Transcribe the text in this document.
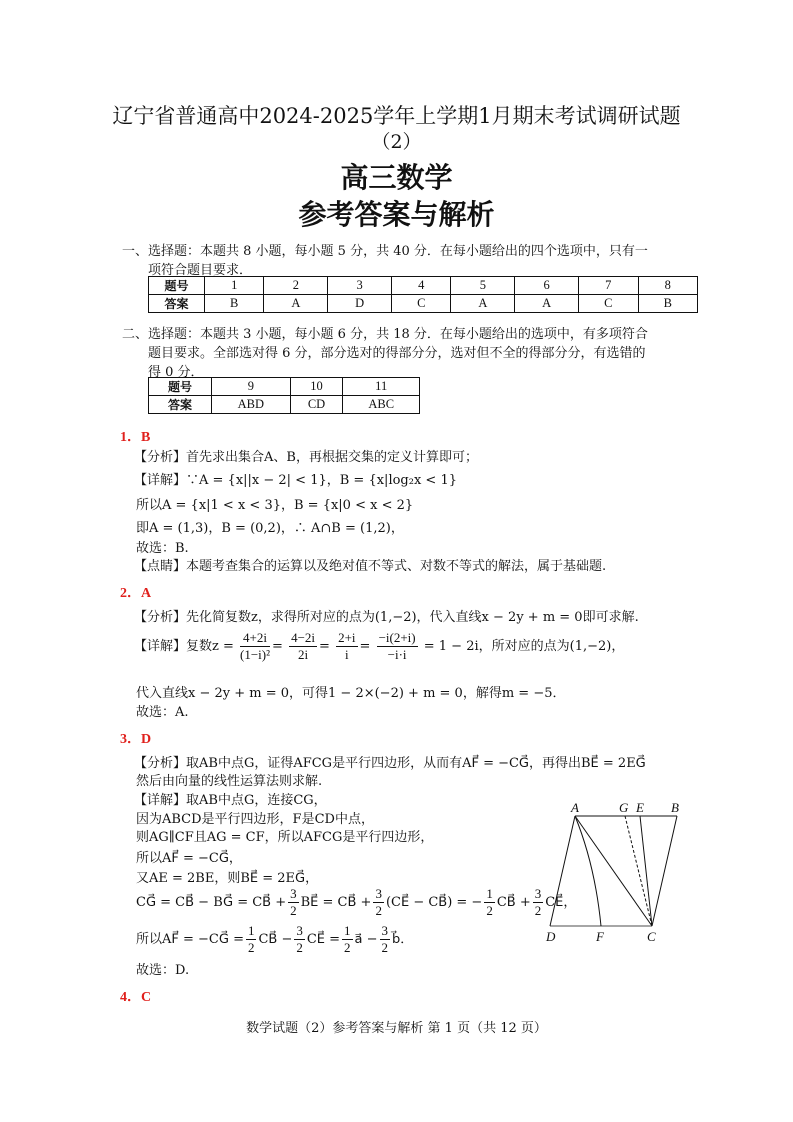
辽宁省普通高中2024-2025学年上学期1月期末考试调研试题
（2）
高三数学
参考答案与解析
一、选择题：本题共 8 小题，每小题 5 分，共 40 分．在每小题给出的四个选项中，只有一
项符合题目要求．
题号	1	2	3	4	5	6	7	8
答案	B	A	D	C	A	A	C	B
二、选择题：本题共 3 小题，每小题 6 分，共 18 分．在每小题给出的选项中，有多项符合
题目要求。全部选对得 6 分，部分选对的得部分分，选对但不全的得部分分，有选错的
得 0 分．
题号	9	10	11
答案	ABD	CD	ABC
1．B
【分析】首先求出集合A、B，再根据交集的定义计算即可；
【详解】∵A = {x||x − 2| < 1}，B = {x|log₂x < 1}
所以A = {x|1 < x < 3}，B = {x|0 < x < 2}
即A = (1,3)，B = (0,2)，∴ A∩B = (1,2)，
故选：B.
【点睛】本题考查集合的运算以及绝对值不等式、对数不等式的解法，属于基础题.
2．A
【分析】先化简复数z，求得所对应的点为(1,−2)，代入直线x − 2y + m = 0即可求解.
【详解】复数$z = \frac{4+2i}{\text{(1−i)²}} = \frac{4-2i}{2i} = \frac{2+i}{i} = \frac{-i(2+i)}{-i\cdot i} = 1 - 2i$，所对应的点为(1,−2)，
代入直线x − 2y + m = 0，可得1 − 2×(−2) + m = 0，解得m = −5．
故选：A.
3．D
【分析】取AB中点G，证得AFCG是平行四边形，从而有AF⃗ = −CG⃗，再得出BE⃗ = 2EG⃗
然后由向量的线性运算法则求解.
【详解】取AB中点G，连接CG，
因为ABCD是平行四边形，F是CD中点，
则AG∥CF且AG = CF，所以AFCG是平行四边形，
所以AF⃗ = −CG⃗，
又AE = 2BE，则BE⃗ = 2EG⃗，
CG⃗ = CB⃗ − BG⃗ = CB⃗ + $\frac{3}{2}$ BE⃗ = CB⃗ + $\frac{3}{2}$ (CE⃗ − CB⃗) = − $\frac{1}{2}$ CB⃗ + $\frac{3}{2}$ CE⃗，
所以AF⃗ = −CG⃗ = $\frac{1}{2}$ CB⃗ − $\frac{3}{2}$ CE⃗ = $\frac{1}{2}$ a⃗ − $\frac{3}{2}$ b⃗．
故选：D.
A	G E B
D	F	C
4．C
数学试题（2）参考答案与解析 第 1 页（共 12 页）
